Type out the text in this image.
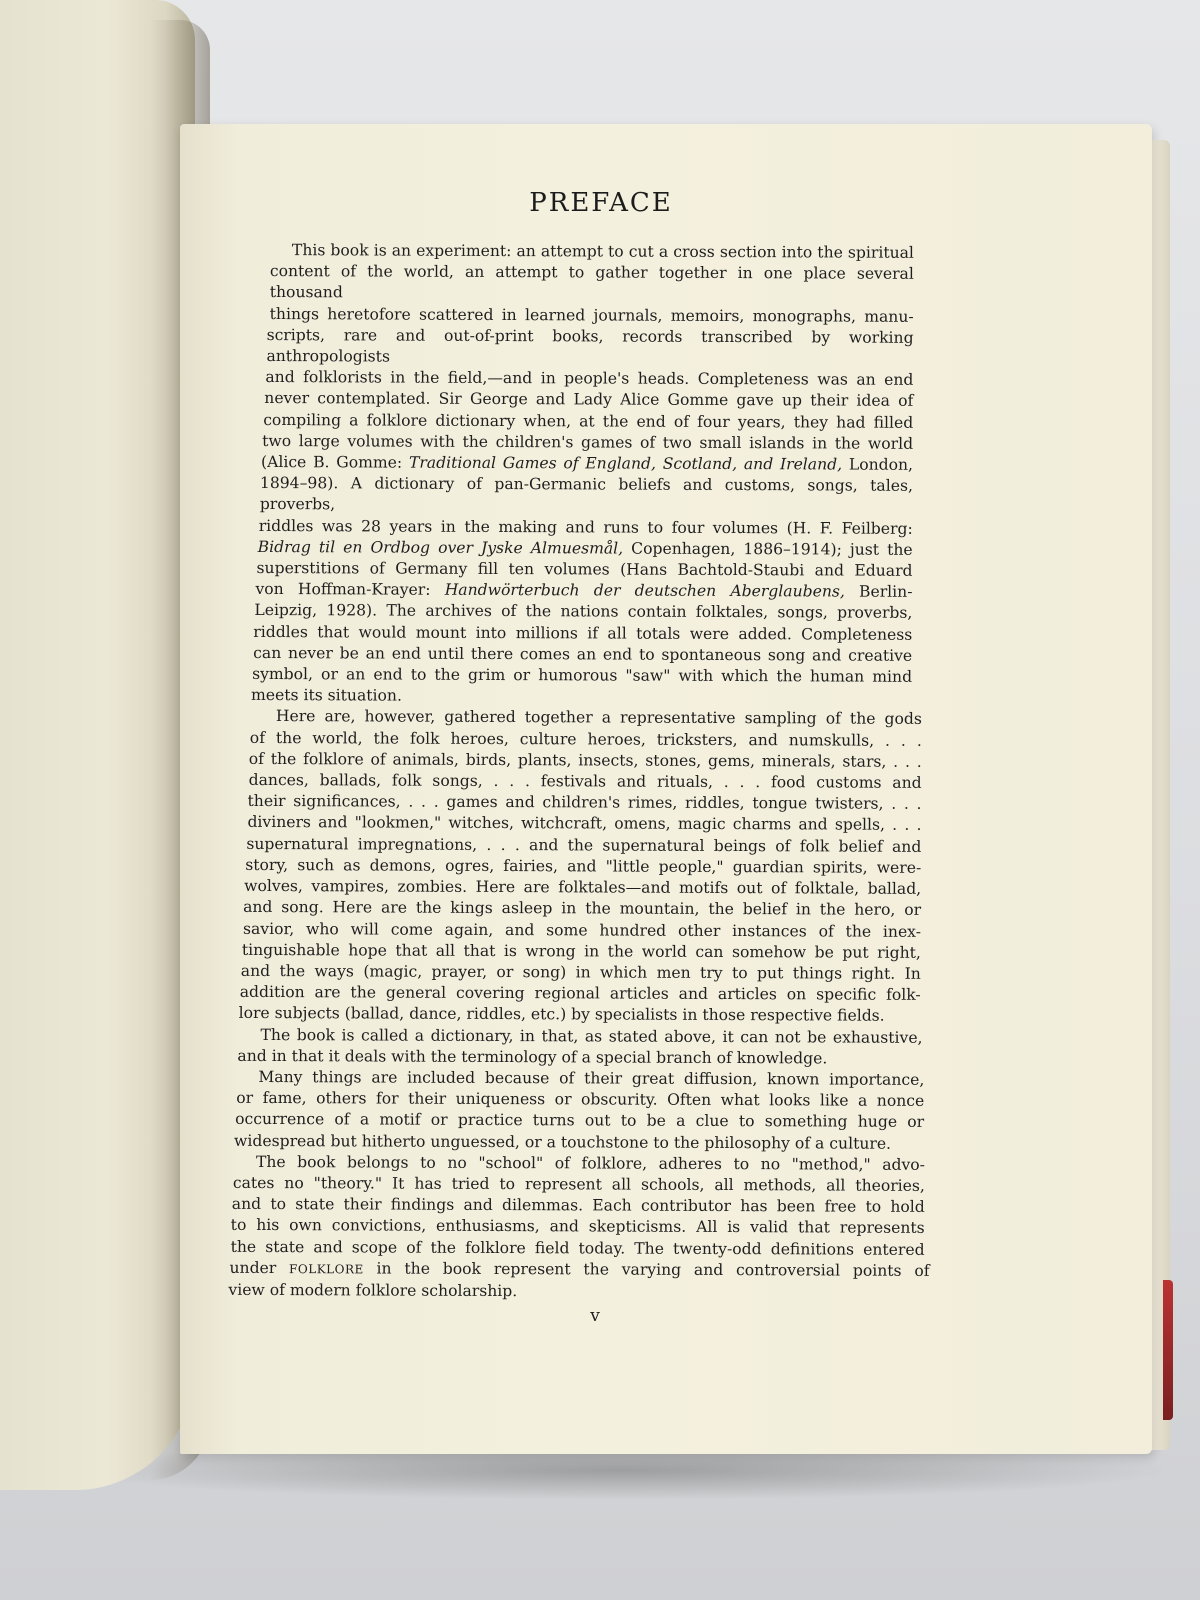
PREFACE
This book is an experiment: an attempt to cut a cross section into the spiritual
content of the world, an attempt to gather together in one place several thousand
things heretofore scattered in learned journals, memoirs, monographs, manu-
scripts, rare and out-of-print books, records transcribed by working anthropologists
and folklorists in the field,—and in people's heads. Completeness was an end
never contemplated. Sir George and Lady Alice Gomme gave up their idea of
compiling a folklore dictionary when, at the end of four years, they had filled
two large volumes with the children's games of two small islands in the world
(Alice B. Gomme: Traditional Games of England, Scotland, and Ireland, London,
1894–98). A dictionary of pan-Germanic beliefs and customs, songs, tales, proverbs,
riddles was 28 years in the making and runs to four volumes (H. F. Feilberg:
Bidrag til en Ordbog over Jyske Almuesmål, Copenhagen, 1886–1914); just the
superstitions of Germany fill ten volumes (Hans Bachtold-Staubi and Eduard
von Hoffman-Krayer: Handwörterbuch der deutschen Aberglaubens, Berlin-
Leipzig, 1928). The archives of the nations contain folktales, songs, proverbs,
riddles that would mount into millions if all totals were added. Completeness
can never be an end until there comes an end to spontaneous song and creative
symbol, or an end to the grim or humorous "saw" with which the human mind
meets its situation.
Here are, however, gathered together a representative sampling of the gods
of the world, the folk heroes, culture heroes, tricksters, and numskulls, . . .
of the folklore of animals, birds, plants, insects, stones, gems, minerals, stars, . . .
dances, ballads, folk songs, . . . festivals and rituals, . . . food customs and
their significances, . . . games and children's rimes, riddles, tongue twisters, . . .
diviners and "lookmen," witches, witchcraft, omens, magic charms and spells, . . .
supernatural impregnations, . . . and the supernatural beings of folk belief and
story, such as demons, ogres, fairies, and "little people," guardian spirits, were-
wolves, vampires, zombies. Here are folktales—and motifs out of folktale, ballad,
and song. Here are the kings asleep in the mountain, the belief in the hero, or
savior, who will come again, and some hundred other instances of the inex-
tinguishable hope that all that is wrong in the world can somehow be put right,
and the ways (magic, prayer, or song) in which men try to put things right. In
addition are the general covering regional articles and articles on specific folk-
lore subjects (ballad, dance, riddles, etc.) by specialists in those respective fields.
The book is called a dictionary, in that, as stated above, it can not be exhaustive,
and in that it deals with the terminology of a special branch of knowledge.
Many things are included because of their great diffusion, known importance,
or fame, others for their uniqueness or obscurity. Often what looks like a nonce
occurrence of a motif or practice turns out to be a clue to something huge or
widespread but hitherto unguessed, or a touchstone to the philosophy of a culture.
The book belongs to no "school" of folklore, adheres to no "method," advo-
cates no "theory." It has tried to represent all schools, all methods, all theories,
and to state their findings and dilemmas. Each contributor has been free to hold
to his own convictions, enthusiasms, and skepticisms. All is valid that represents
the state and scope of the folklore field today. The twenty-odd definitions entered
under FOLKLORE in the book represent the varying and controversial points of
view of modern folklore scholarship.
v
